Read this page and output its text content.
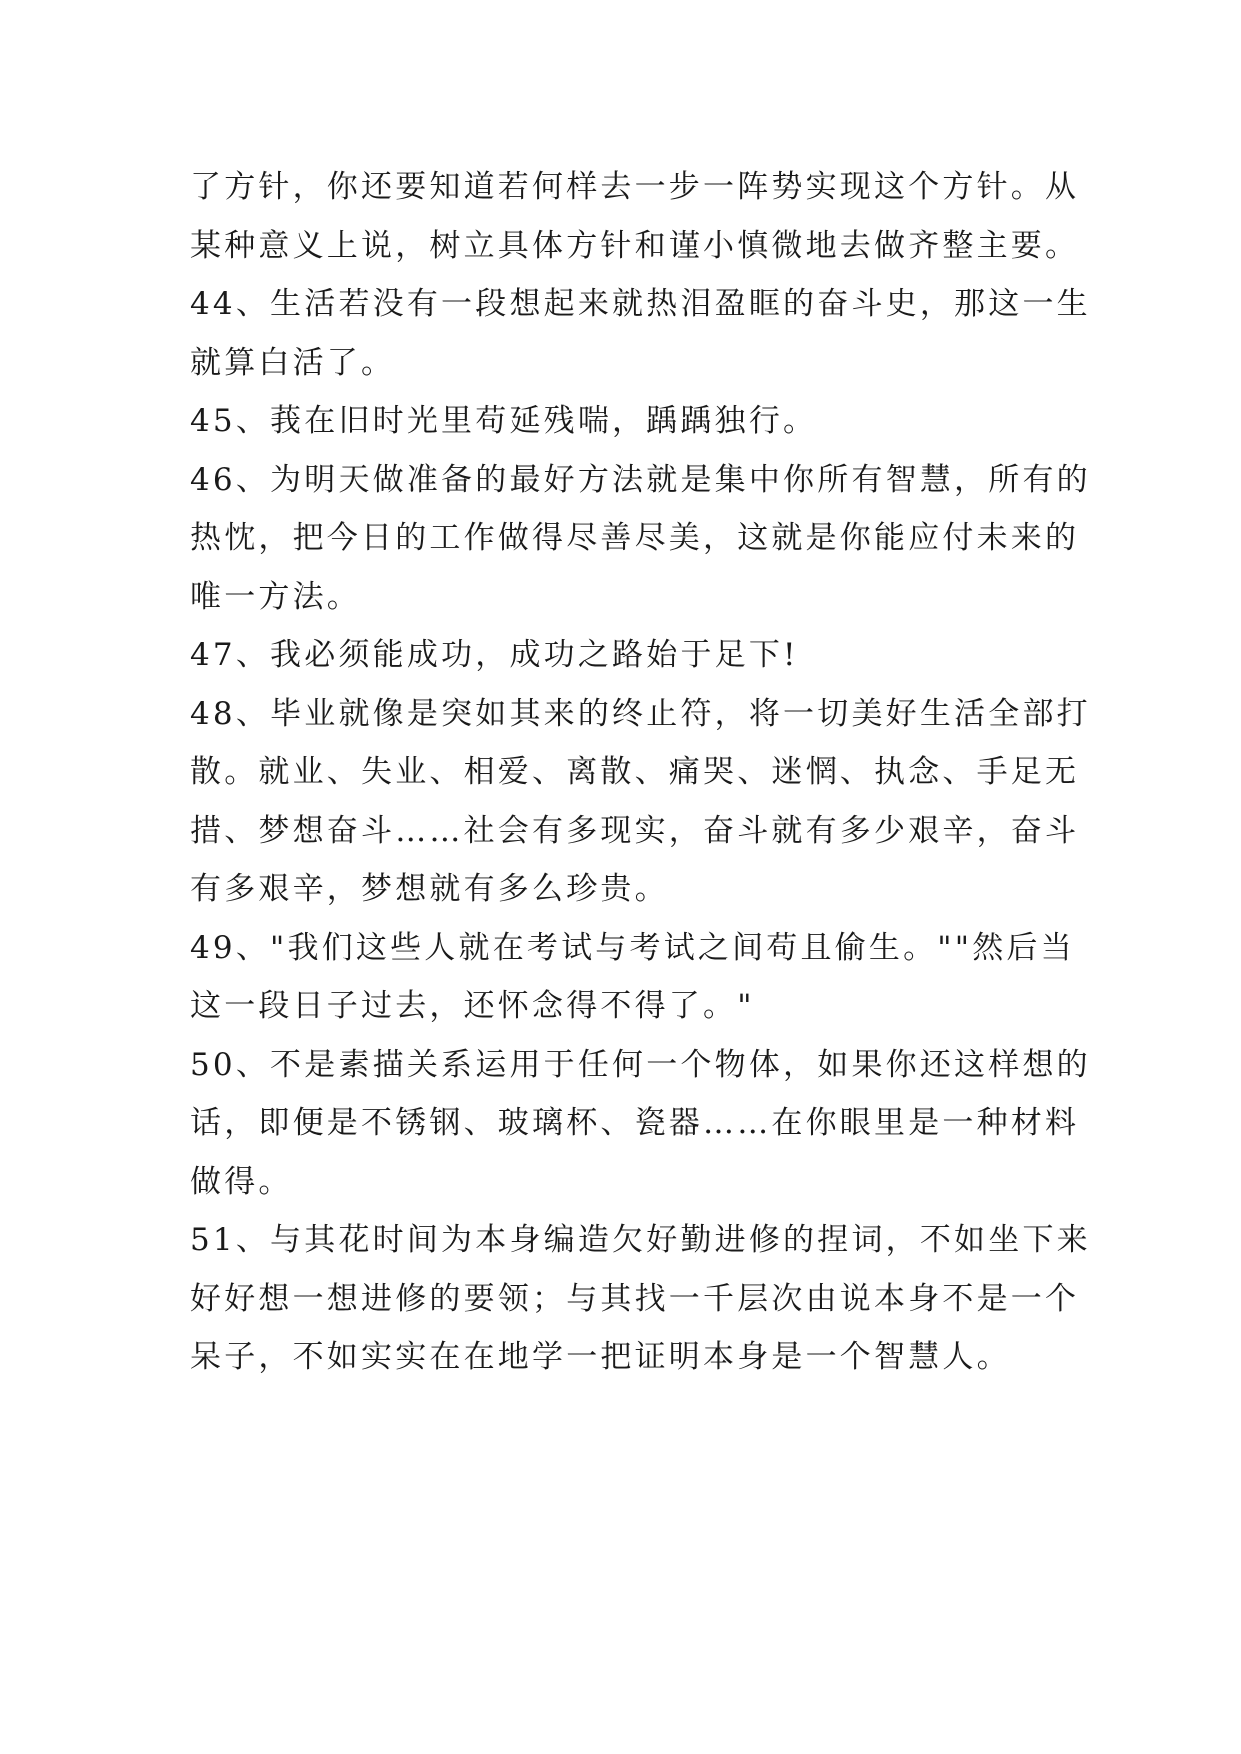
了方针，你还要知道若何样去一步一阵势实现这个方针。从
某种意义上说，树立具体方针和谨小慎微地去做齐整主要。
44、生活若没有一段想起来就热泪盈眶的奋斗史，那这一生
就算白活了。
45、莪在旧时光里苟延残喘，踽踽独行。
46、为明天做准备的最好方法就是集中你所有智慧，所有的
热忱，把今日的工作做得尽善尽美，这就是你能应付未来的
唯一方法。
47、我必须能成功，成功之路始于足下!
48、毕业就像是突如其来的终止符，将一切美好生活全部打
散。就业、失业、相爱、离散、痛哭、迷惘、执念、手足无
措、梦想奋斗……社会有多现实，奋斗就有多少艰辛，奋斗
有多艰辛，梦想就有多么珍贵。
49、"我们这些人就在考试与考试之间苟且偷生。""然后当
这一段日子过去，还怀念得不得了。"
50、不是素描关系运用于任何一个物体，如果你还这样想的
话，即便是不锈钢、玻璃杯、瓷器……在你眼里是一种材料
做得。
51、与其花时间为本身编造欠好勤进修的捏词，不如坐下来
好好想一想进修的要领；与其找一千层次由说本身不是一个
呆子，不如实实在在地学一把证明本身是一个智慧人。
